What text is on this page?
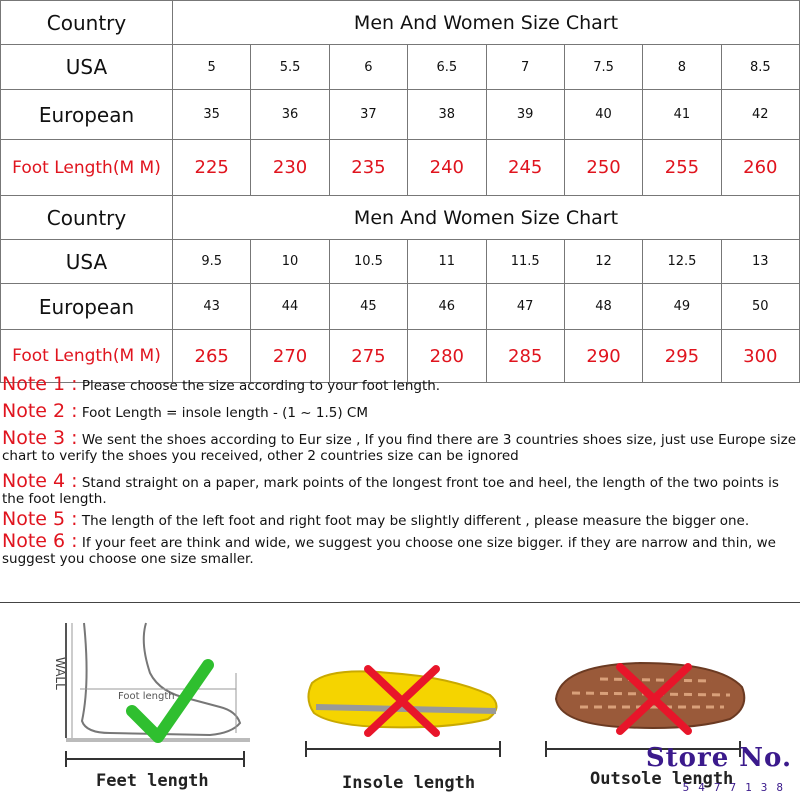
Country	Men And Women Size Chart							
USA	5	5.5	6	6.5	7	7.5	8	8.5
European	35	36	37	38	39	40	41	42
Foot Length(M M)	225	230	235	240	245	250	255	260
Country	Men And Women Size Chart							
USA	9.5	10	10.5	11	11.5	12	12.5	13
European	43	44	45	46	47	48	49	50
Foot Length(M M)	265	270	275	280	285	290	295	300
Note 1 : Please choose the size according to your foot length.
Note 2 : Foot Length = insole length - (1 ~ 1.5) CM
Note 3 : We sent the shoes according to Eur size , If you find there are 3 countries shoes size, just use Europe size chart to verify the shoes you received, other 2 countries size can be ignored
Note 4 : Stand straight on a paper, mark points of the longest front toe and heel, the length of the two points is the foot length.
Note 5 : The length of the left foot and right foot may be slightly different , please measure the bigger one.
Note 6 : If your feet are think and wide, we suggest you choose one size bigger. if they are narrow and thin, we suggest you choose one size smaller.
WALL
Foot length
Feet length	Insole length	Outsole length
Store No.
5477138
